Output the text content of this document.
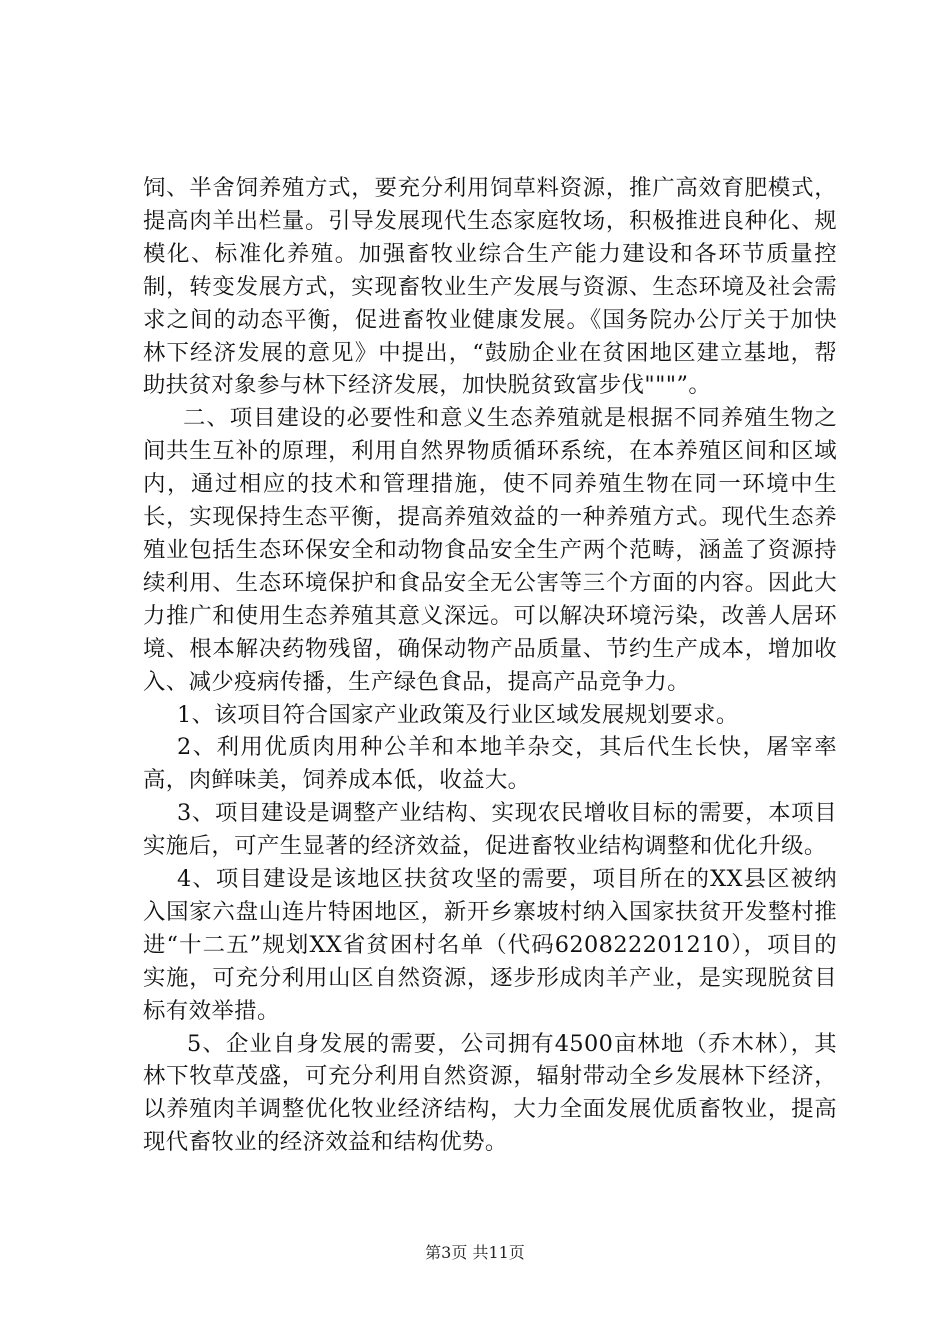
饲、半舍饲养殖方式，要充分利用饲草料资源，推广高效育肥模式，提高肉羊出栏量。引导发展现代生态家庭牧场，积极推进良种化、规模化、标准化养殖。加强畜牧业综合生产能力建设和各环节质量控制，转变发展方式，实现畜牧业生产发展与资源、生态环境及社会需求之间的动态平衡，促进畜牧业健康发展。《国务院办公厅关于加快林下经济发展的意见》中提出，“鼓励企业在贫困地区建立基地，帮助扶贫对象参与林下经济发展，加快脱贫致富步伐"""”。

二、项目建设的必要性和意义生态养殖就是根据不同养殖生物之间共生互补的原理，利用自然界物质循环系统，在本养殖区间和区域内，通过相应的技术和管理措施，使不同养殖生物在同一环境中生长，实现保持生态平衡，提高养殖效益的一种养殖方式。现代生态养殖业包括生态环保安全和动物食品安全生产两个范畴，涵盖了资源持续利用、生态环境保护和食品安全无公害等三个方面的内容。因此大力推广和使用生态养殖其意义深远。可以解决环境污染，改善人居环境、根本解决药物残留，确保动物产品质量、节约生产成本，增加收入、减少疫病传播，生产绿色食品，提高产品竞争力。

1、该项目符合国家产业政策及行业区域发展规划要求。

2、利用优质肉用种公羊和本地羊杂交，其后代生长快，屠宰率高，肉鲜味美，饲养成本低，收益大。

3、项目建设是调整产业结构、实现农民增收目标的需要，本项目实施后，可产生显著的经济效益，促进畜牧业结构调整和优化升级。

4、项目建设是该地区扶贫攻坚的需要，项目所在的XX县区被纳入国家六盘山连片特困地区，新开乡寨坡村纳入国家扶贫开发整村推进“十二五”规划XX省贫困村名单（代码620822201210），项目的实施，可充分利用山区自然资源，逐步形成肉羊产业，是实现脱贫目标有效举措。

5、企业自身发展的需要，公司拥有4500亩林地（乔木林），其林下牧草茂盛，可充分利用自然资源，辐射带动全乡发展林下经济，以养殖肉羊调整优化牧业经济结构，大力全面发展优质畜牧业，提高现代畜牧业的经济效益和结构优势。

第3页 共11页
